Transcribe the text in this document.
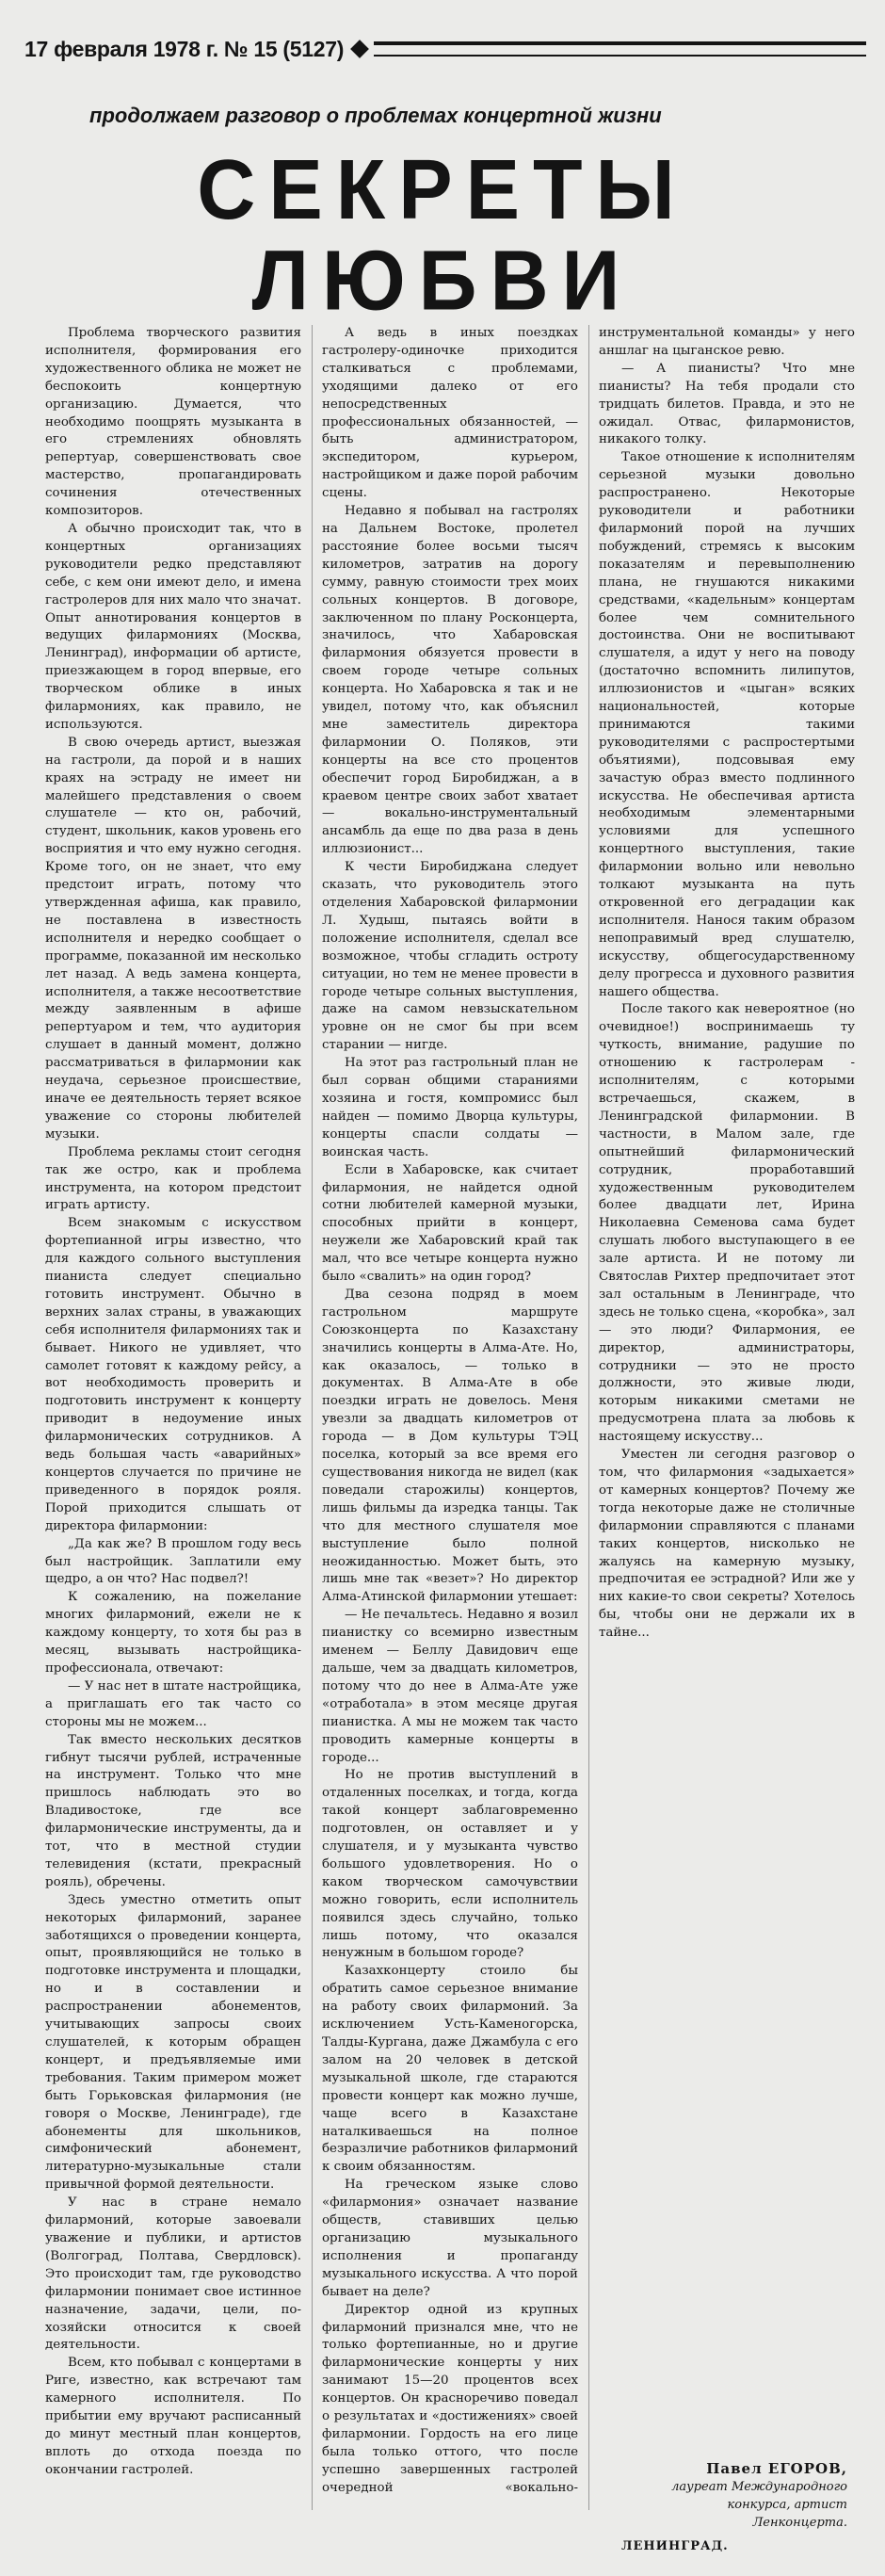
17 февраля 1978 г. № 15 (5127)
продолжаем разговор о проблемах концертной жизни
СЕКРЕТЫ ЛЮБВИ

Проблема творческого развития исполнителя, формирования его художественного облика не может не беспокоить концертную организацию. Думается, что необходимо поощрять музыканта в его стремлениях обновлять репертуар, совершенствовать свое мастерство, пропагандировать сочинения отечественных композиторов.

А обычно происходит так, что в концертных организациях руководители редко представляют себе, с кем они имеют дело, и имена гастролеров для них мало что значат. Опыт аннотирования концертов в ведущих филармониях (Москва, Ленинград), информации об артисте, приезжающем в город впервые, его творческом облике в иных филармониях, как правило, не используются.

В свою очередь артист, выезжая на гастроли, да порой и в наших краях на эстраду не имеет ни малейшего представления о своем слушателе — кто он, рабочий, студент, школьник, каков уровень его восприятия и что ему нужно сегодня. Кроме того, он не знает, что ему предстоит играть, потому что утвержденная афиша, как правило, не поставлена в известность исполнителя и нередко сообщает о программе, показанной им несколько лет назад. А ведь замена концерта, исполнителя, а также несоответствие между заявленным в афише репертуаром и тем, что аудитория слушает в данный момент, должно рассматриваться в филармонии как неудача, серьезное происшествие, иначе ее деятельность теряет всякое уважение со стороны любителей музыки.

Проблема рекламы стоит сегодня так же остро, как и проблема инструмента, на котором предстоит играть артисту.

Всем знакомым с искусством фортепианной игры известно, что для каждого сольного выступления пианиста следует специально готовить инструмент. Обычно в верхних залах страны, в уважающих себя исполнителя филармониях так и бывает. Никого не удивляет, что самолет готовят к каждому рейсу, а вот необходимость проверить и подготовить инструмент к концерту приводит в недоумение иных филармонических сотрудников. А ведь большая часть «аварийных» концертов случается по причине не приведенного в порядок рояля. Порой приходится слышать от директора филармонии:

„Да как же? В прошлом году весь был настройщик. Заплатили ему щедро, а он что? Нас подвел?!

К сожалению, на пожелание многих филармоний, ежели не к каждому концерту, то хотя бы раз в месяц, вызывать настройщика-профессионала, отвечают:

— У нас нет в штате настройщика, а приглашать его так часто со стороны мы не можем...

Так вместо нескольких десятков гибнут тысячи рублей, истраченные на инструмент. Только что мне пришлось наблюдать это во Владивостоке, где все филармонические инструменты, да и тот, что в местной студии телевидения (кстати, прекрасный рояль), обречены.

Здесь уместно отметить опыт некоторых филармоний, заранее заботящихся о проведении концерта, опыт, проявляющийся не только в подготовке инструмента и площадки, но и в составлении и распространении абонементов, учитывающих запросы своих слушателей, к которым обращен концерт, и предъявляемые ими требования. Таким примером может быть Горьковская филармония (не говоря о Москве, Ленинграде), где абонементы для школьников, симфонический абонемент, литературно-музыкальные стали привычной формой деятельности.

У нас в стране немало филармоний, которые завоевали уважение и публики, и артистов (Волгоград, Полтава, Свердловск). Это происходит там, где руководство филармонии понимает свое истинное назначение, задачи, цели, по-хозяйски относится к своей деятельности.

Всем, кто побывал с концертами в Риге, известно, как встречают там камерного исполнителя. По прибытии ему вручают расписанный до минут местный план концертов, вплоть до отхода поезда по окончании гастролей.

А ведь в иных поездках гастролеру-одиночке приходится сталкиваться с проблемами, уходящими далеко от его непосредственных профессиональных обязанностей, — быть администратором, экспедитором, курьером, настройщиком и даже порой рабочим сцены.

Недавно я побывал на гастролях на Дальнем Востоке, пролетел расстояние более восьми тысяч километров, затратив на дорогу сумму, равную стоимости трех моих сольных концертов. В договоре, заключенном по плану Росконцерта, значилось, что Хабаровская филармония обязуется провести в своем городе четыре сольных концерта. Но Хабаровска я так и не увидел, потому что, как объяснил мне заместитель директора филармонии О. Поляков, эти концерты на все сто процентов обеспечит город Биробиджан, а в краевом центре своих забот хватает — вокально-инструментальный ансамбль да еще по два раза в день иллюзионист...

К чести Биробиджана следует сказать, что руководитель этого отделения Хабаровской филармонии Л. Худыш, пытаясь войти в положение исполнителя, сделал все возможное, чтобы сгладить остроту ситуации, но тем не менее провести в городе четыре сольных выступления, даже на самом невзыскательном уровне он не смог бы при всем старании — нигде.

На этот раз гастрольный план не был сорван общими стараниями хозяина и гостя, компромисс был найден — помимо Дворца культуры, концерты спасли солдаты — воинская часть.

Если в Хабаровске, как считает филармония, не найдется одной сотни любителей камерной музыки, способных прийти в концерт, неужели же Хабаровский край так мал, что все четыре концерта нужно было «свалить» на один город?

Два сезона подряд в моем гастрольном маршруте Союзконцерта по Казахстану значились концерты в Алма-Ате. Но, как оказалось, — только в документах. В Алма-Ате в обе поездки играть не довелось. Меня увезли за двадцать километров от города — в Дом культуры ТЭЦ поселка, который за все время его существования никогда не видел (как поведали старожилы) концертов, лишь фильмы да изредка танцы. Так что для местного слушателя мое выступление было полной неожиданностью. Может быть, это лишь мне так «везет»? Но директор Алма-Атинской филармонии утешает:

— Не печальтесь. Недавно я возил пианистку со всемирно известным именем — Беллу Давидович еще дальше, чем за двадцать километров, потому что до нее в Алма-Ате уже «отработала» в этом месяце другая пианистка. А мы не можем так часто проводить камерные концерты в городе...

Но не против выступлений в отдаленных поселках, и тогда, когда такой концерт заблаговременно подготовлен, он оставляет и у слушателя, и у музыканта чувство большого удовлетворения. Но о каком творческом самочувствии можно говорить, если исполнитель появился здесь случайно, только лишь потому, что оказался ненужным в большом городе?

Казахконцерту стоило бы обратить самое серьезное внимание на работу своих филармоний. За исключением Усть-Каменогорска, Талды-Кургана, даже Джамбула с его залом на 20 человек в детской музыкальной школе, где стараются провести концерт как можно лучше, чаще всего в Казахстане наталкиваешься на полное безразличие работников филармоний к своим обязанностям.

На греческом языке слово «филармония» означает название обществ, ставивших целью организацию музыкального исполнения и пропаганду музыкального искусства. А что порой бывает на деле?

Директор одной из крупных филармоний признался мне, что не только фортепианные, но и другие филармонические концерты у них занимают 15—20 процентов всех концертов. Он красноречиво поведал о результатах и «достижениях» своей филармонии. Гордость на его лице была только оттого, что после успешно завершенных гастролей очередной «вокально-инструментальной команды» у него аншлаг на цыганское ревю.

— А пианисты? Что мне пианисты? На тебя продали сто тридцать билетов. Правда, и это не ожидал. Отвас, филармонистов, никакого толку.

Такое отношение к исполнителям серьезной музыки довольно распространено. Некоторые руководители и работники филармоний порой на лучших побуждений, стремясь к высоким показателям и перевыполнению плана, не гнушаются никакими средствами, «кадельным» концертам более чем сомнительного достоинства. Они не воспитывают слушателя, а идут у него на поводу (достаточно вспомнить лилипутов, иллюзионистов и «цыган» всяких национальностей, которые принимаются такими руководителями с распростертыми объятиями), подсовывая ему зачастую образ вместо подлинного искусства. Не обеспечивая артиста необходимым элементарными условиями для успешного концертного выступления, такие филармонии вольно или невольно толкают музыканта на путь откровенной его деградации как исполнителя. Нанося таким образом непоправимый вред слушателю, искусству, общегосударственному делу прогресса и духовного развития нашего общества.

После такого как невероятное (но очевидное!) воспринимаешь ту чуткость, внимание, радушие по отношению к гастролерам - исполнителям, с которыми встречаешься, скажем, в Ленинградской филармонии. В частности, в Малом зале, где опытнейший филармонический сотрудник, проработавший художественным руководителем более двадцати лет, Ирина Николаевна Семенова сама будет слушать любого выступающего в ее зале артиста. И не потому ли Святослав Рихтер предпочитает этот зал остальным в Ленинграде, что здесь не только сцена, «коробка», зал — это люди? Филармония, ее директор, администраторы, сотрудники — это не просто должности, это живые люди, которым никакими сметами не предусмотрена плата за любовь к настоящему искусству...

Уместен ли сегодня разговор о том, что филармония «задыхается» от камерных концертов? Почему же тогда некоторые даже не столичные филармонии справляются с планами таких концертов, нисколько не жалуясь на камерную музыку, предпочитая ее эстрадной? Или же у них какие-то свои секреты? Хотелось бы, чтобы они не держали их в тайне...

Павел ЕГОРОВ,
лауреат Международного
конкурса, артист
Ленконцерта.
ЛЕНИНГРАД.
